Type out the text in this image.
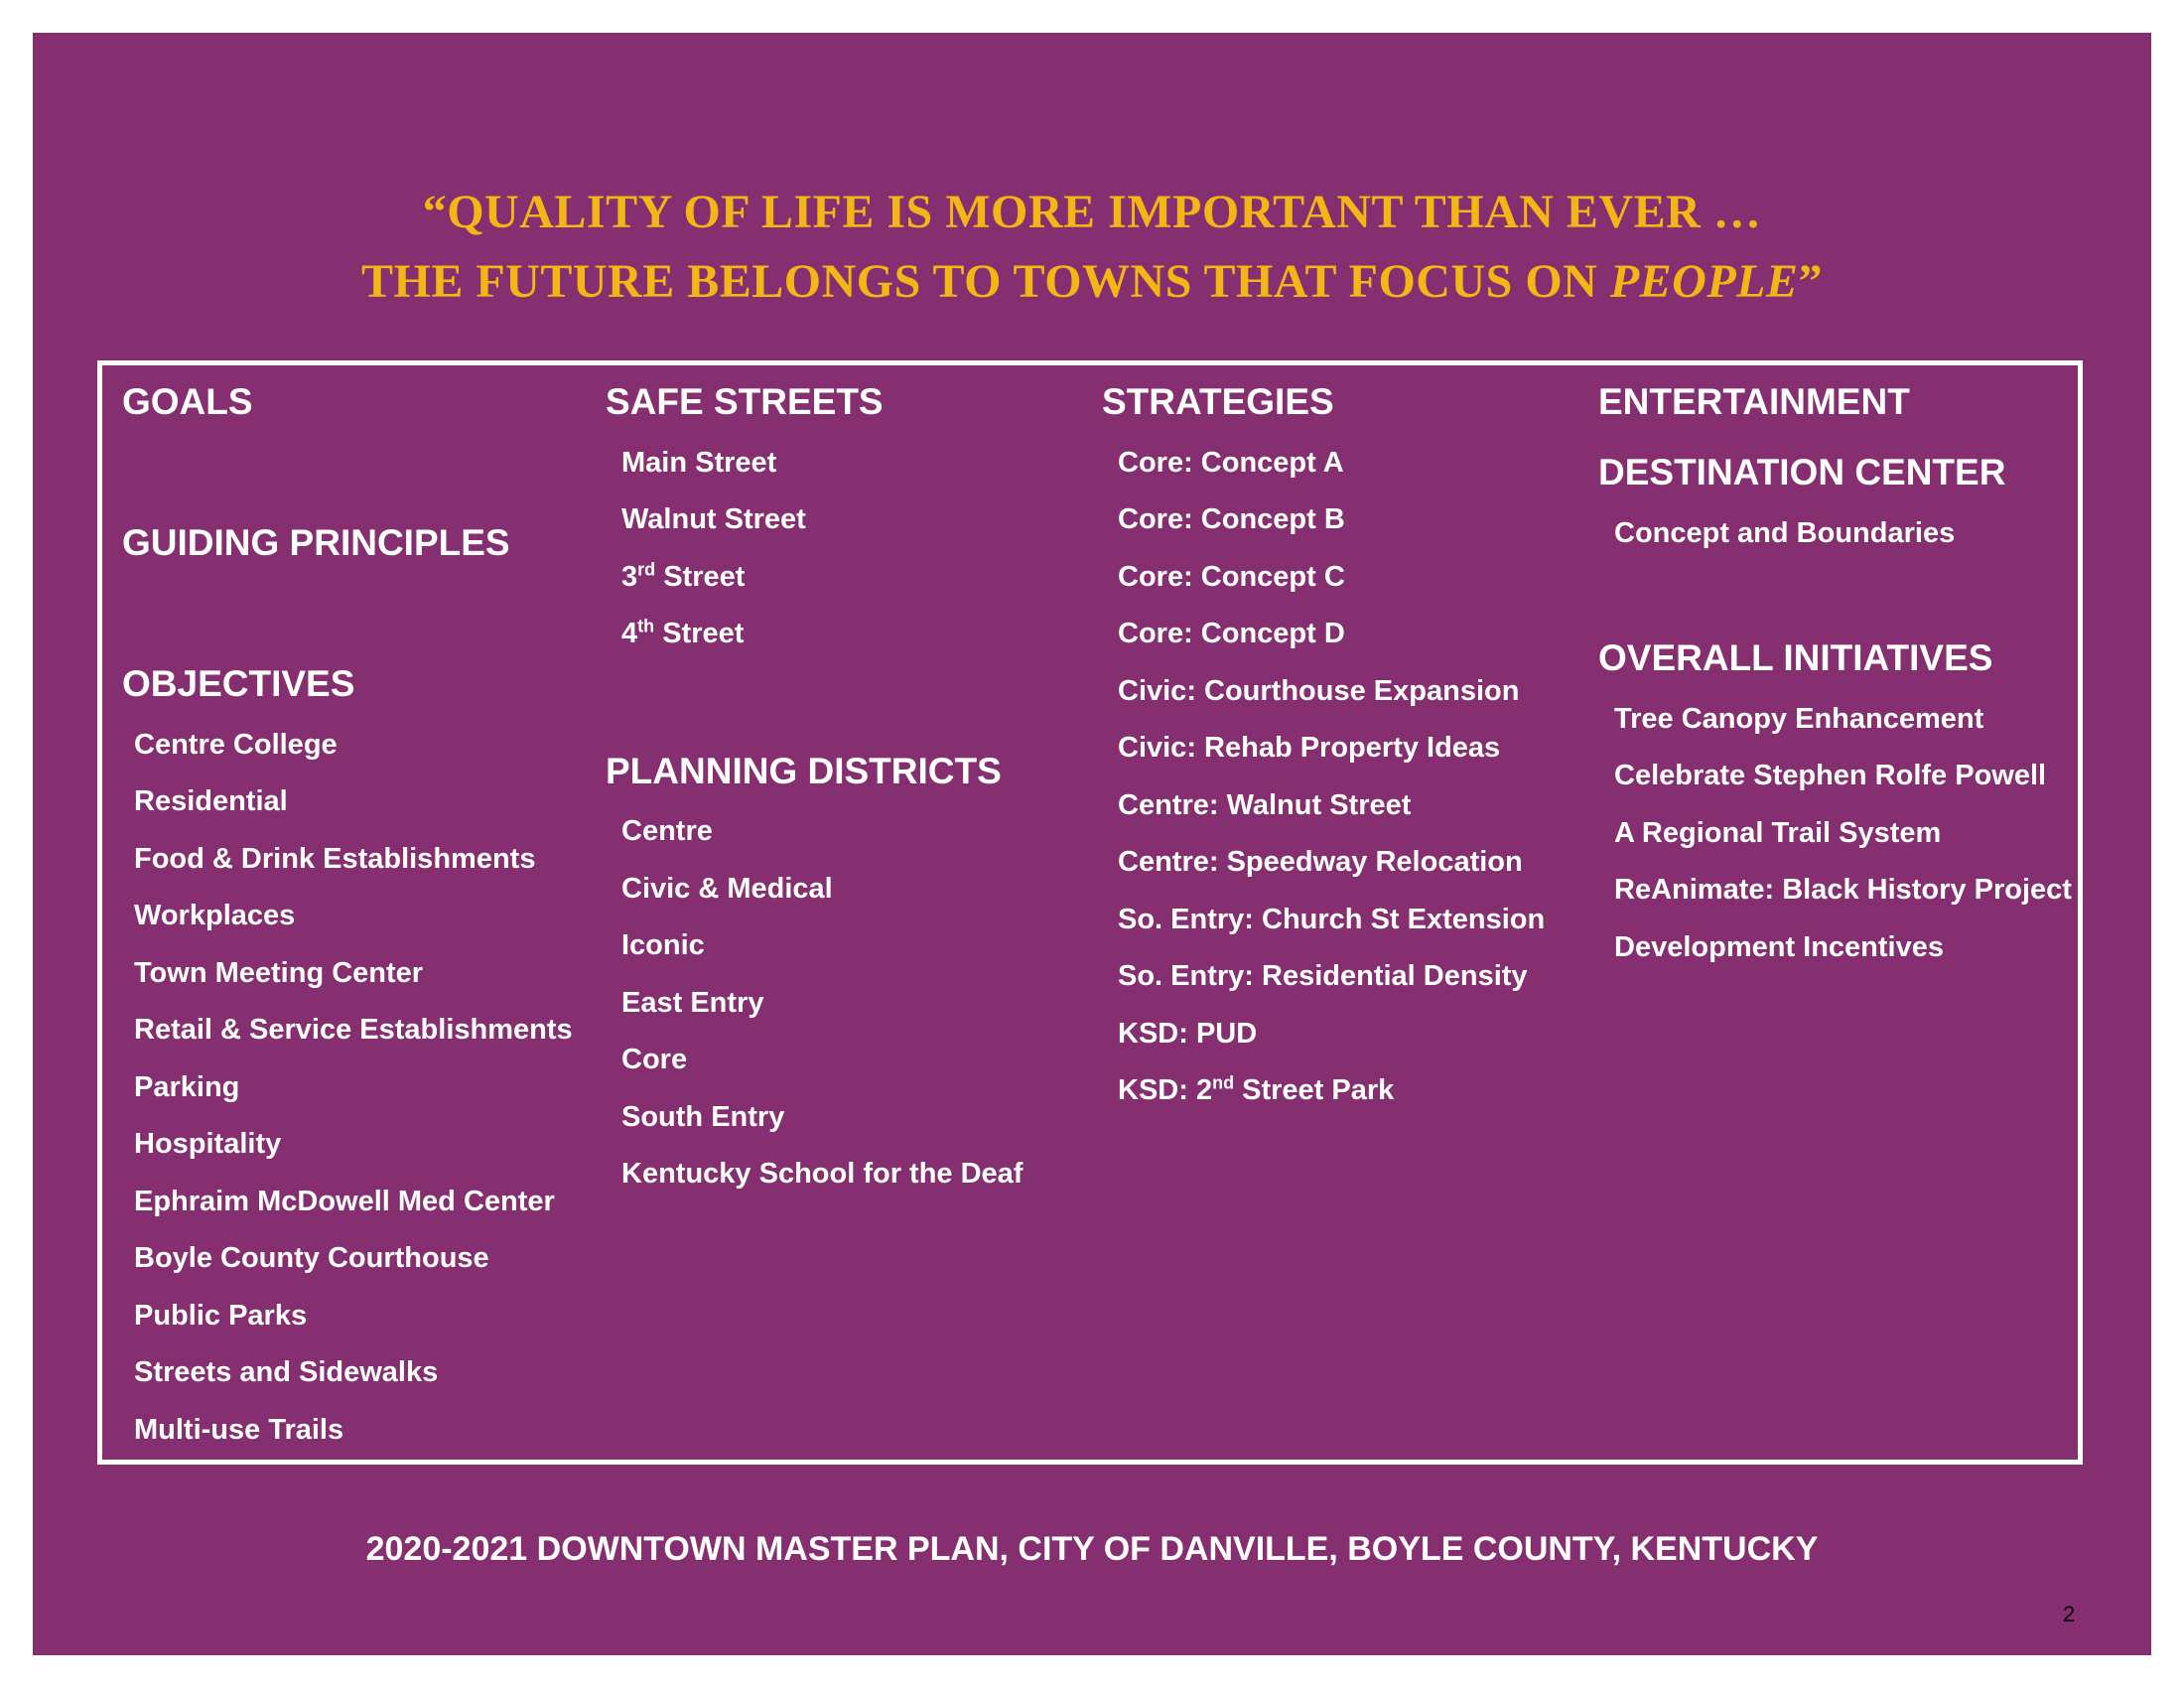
“QUALITY OF LIFE IS MORE IMPORTANT THAN EVER …
THE FUTURE BELONGS TO TOWNS THAT FOCUS ON PEOPLE”
GOALS
GUIDING PRINCIPLES
OBJECTIVES
Centre College
Residential
Food & Drink Establishments
Workplaces
Town Meeting Center
Retail & Service Establishments
Parking
Hospitality
Ephraim McDowell Med Center
Boyle County Courthouse
Public Parks
Streets and Sidewalks
Multi-use Trails
SAFE STREETS
Main Street
Walnut Street
3rd Street
4th Street
PLANNING DISTRICTS
Centre
Civic & Medical
Iconic
East Entry
Core
South Entry
Kentucky School for the Deaf
STRATEGIES
Core: Concept A
Core: Concept B
Core: Concept C
Core: Concept D
Civic: Courthouse Expansion
Civic: Rehab Property Ideas
Centre: Walnut Street
Centre: Speedway Relocation
So. Entry: Church St Extension
So. Entry: Residential Density
KSD: PUD
KSD: 2nd Street Park
ENTERTAINMENT
DESTINATION CENTER
Concept and Boundaries
OVERALL INITIATIVES
Tree Canopy Enhancement
Celebrate Stephen Rolfe Powell
A Regional Trail System
ReAnimate: Black History Project
Development Incentives
2020-2021 DOWNTOWN MASTER PLAN, CITY OF DANVILLE, BOYLE COUNTY, KENTUCKY
2
